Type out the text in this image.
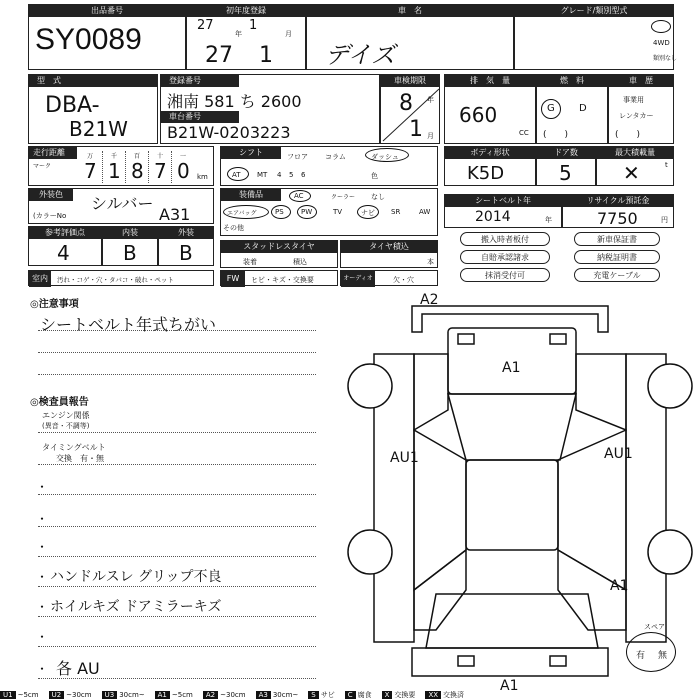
出品番号
SY0089
初年度登録
27
年
1
月
27 1
車　名
デイズ
グレード/類別型式
4WD
類別なし
型　式
DBA-
B21W
登録番号
湘南 581 ち 2600
車台番号
B21W-0203223
車検期限
8 年
1 月
排　気　量
660
CC
燃　料
G D
(　　)
車　歴
事業用
レンタカー
(　　)
走行距離
マーク
万
7
千
1
百
8
十
7
一
0 km
シフト	フロア コラム	ダッシュ
AT MT 4 5 6	色
ボディ形状
K5D
ドア数
5
最大積載量
✕	t
外装色	シルバー
(カラーNo	A31
装備品	AC	クーラー なし
エアバッグ	PS PW	TV	ナビ SR	AW
その他
シートベルト年
2014	年
リサイクル預託金
7750	円
参考評価点
4
内装
B
外装
B	スタッドレスタイヤ
装着	積込
タイヤ積込
本
搬入時者板付	新車保証書
自賠承認諸求	納税証明書
抹消受付可	充電ケーブル
室内	汚れ・コゲ・穴・タバコ・破れ・ペット	FW	ヒビ・キズ・交換要	オーディオ	欠・穴
◎注意事項
シートベルト年式ちがい
◎検査員報告
エンジン関係
(異音・不調等)
タイミングベルト
交換　有・無
・
・
・
・ ハンドルスレ グリップ不良
・ ホイルキズ ドアミラーキズ
・
・ 各 AU
A2
A1
AU1	AU1
A1
A1
スペア
有 無
U1 ~5cm U2 ~30cm U3 30cm~ A1 ~5cm A2 ~30cm A3 30cm~ S サビ C 腐食 X 交換要 XX 交換済
